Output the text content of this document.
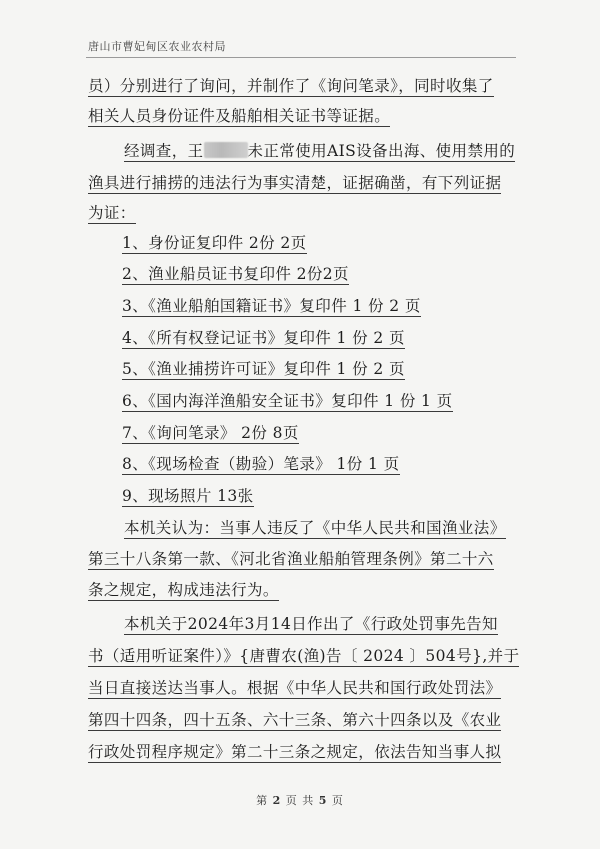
唐山市曹妃甸区农业农村局
员）分别进行了询问，并制作了《询问笔录》，同时收集了
相关人员身份证件及船舶相关证书等证据。
经调查，王	未正常使用AIS设备出海、使用禁用的
渔具进行捕捞的违法行为事实清楚，证据确凿，有下列证据
为证：
1、身份证复印件 2份 2页
2、渔业船员证书复印件 2份2页
3、《渔业船舶国籍证书》复印件 1 份 2 页
4、《所有权登记证书》复印件 1 份 2 页
5、《渔业捕捞许可证》复印件 1 份 2 页
6、《国内海洋渔船安全证书》复印件 1 份 1 页
7、《询问笔录》 2份 8页
8、《现场检查（勘验）笔录》 1份 1 页
9、现场照片 13张
本机关认为：当事人违反了《中华人民共和国渔业法》
第三十八条第一款、《河北省渔业船舶管理条例》第二十六
条之规定，构成违法行为。
本机关于2024年3月14日作出了《行政处罚事先告知
书（适用听证案件）》{唐曹农(渔)告〔 2024 〕504号},并于
当日直接送达当事人。根据《中华人民共和国行政处罚法》
第四十四条，四十五条、六十三条、第六十四条以及《农业
行政处罚程序规定》第二十三条之规定，依法告知当事人拟
第 2 页 共 5 页
